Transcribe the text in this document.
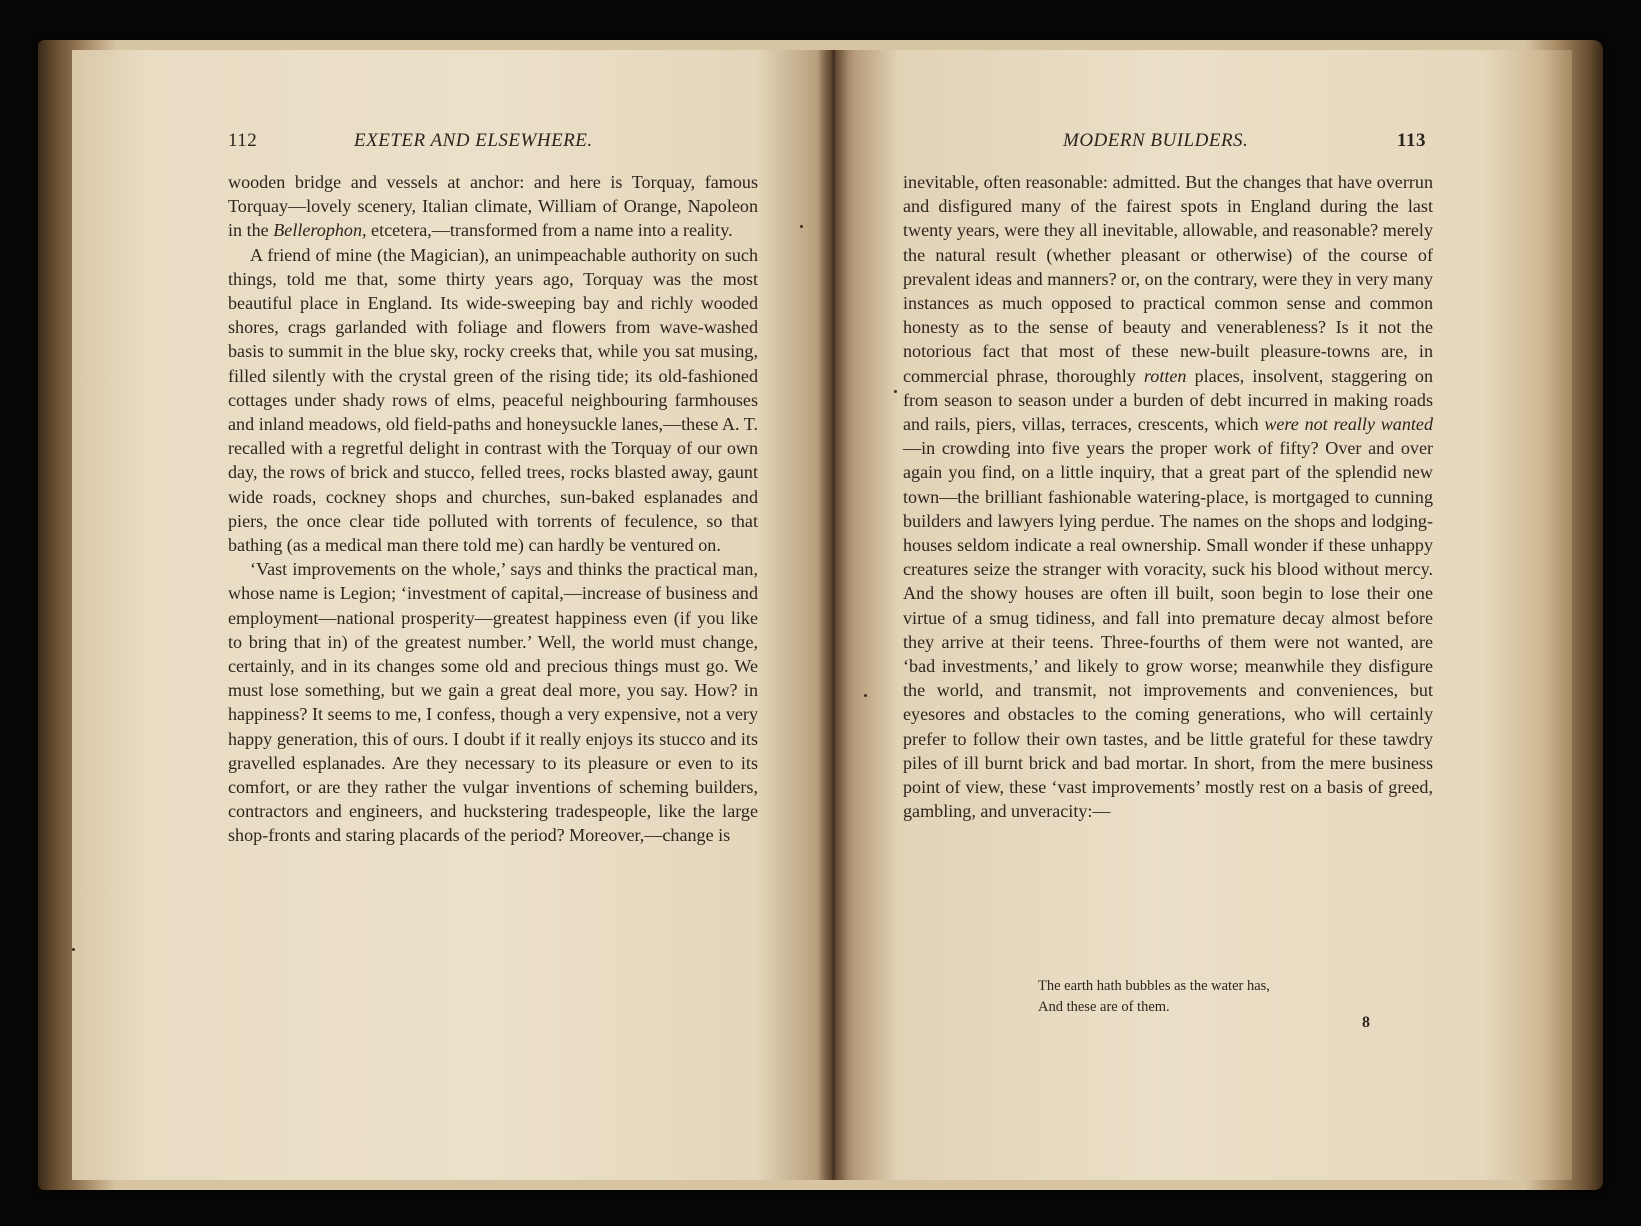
112	EXETER AND ELSEWHERE.

wooden bridge and vessels at anchor: and here is Torquay, famous Torquay—lovely scenery, Italian climate, William of Orange, Napoleon in the Bellerophon, etcetera,—transformed from a name into a reality.

A friend of mine (the Magician), an unimpeachable authority on such things, told me that, some thirty years ago, Torquay was the most beautiful place in England. Its wide-sweeping bay and richly wooded shores, crags garlanded with foliage and flowers from wave-washed basis to summit in the blue sky, rocky creeks that, while you sat musing, filled silently with the crystal green of the rising tide; its old-fashioned cottages under shady rows of elms, peaceful neighbouring farmhouses and inland meadows, old field-paths and honeysuckle lanes,—these A. T. recalled with a regretful delight in contrast with the Torquay of our own day, the rows of brick and stucco, felled trees, rocks blasted away, gaunt wide roads, cockney shops and churches, sun-baked esplanades and piers, the once clear tide polluted with torrents of feculence, so that bathing (as a medical man there told me) can hardly be ventured on.

‘Vast improvements on the whole,’ says and thinks the practical man, whose name is Legion; ‘investment of capital,—increase of business and employment—national prosperity—greatest happiness even (if you like to bring that in) of the greatest number.’ Well, the world must change, certainly, and in its changes some old and precious things must go. We must lose something, but we gain a great deal more, you say. How? in happiness? It seems to me, I confess, though a very expensive, not a very happy generation, this of ours. I doubt if it really enjoys its stucco and its gravelled esplanades. Are they necessary to its pleasure or even to its comfort, or are they rather the vulgar inventions of scheming builders, contractors and engineers, and huckstering tradespeople, like the large shop-fronts and staring placards of the period? Moreover,—change is

MODERN BUILDERS.	113

inevitable, often reasonable: admitted. But the changes that have overrun and disfigured many of the fairest spots in England during the last twenty years, were they all inevitable, allowable, and reasonable? merely the natural result (whether pleasant or otherwise) of the course of prevalent ideas and manners? or, on the contrary, were they in very many instances as much opposed to practical common sense and common honesty as to the sense of beauty and venerableness? Is it not the notorious fact that most of these new-built pleasure-towns are, in commercial phrase, thoroughly rotten places, insolvent, staggering on from season to season under a burden of debt incurred in making roads and rails, piers, villas, terraces, crescents, which were not really wanted—in crowding into five years the proper work of fifty? Over and over again you find, on a little inquiry, that a great part of the splendid new town—the brilliant fashionable watering-place, is mortgaged to cunning builders and lawyers lying perdue. The names on the shops and lodging-houses seldom indicate a real ownership. Small wonder if these unhappy creatures seize the stranger with voracity, suck his blood without mercy. And the showy houses are often ill built, soon begin to lose their one virtue of a smug tidiness, and fall into premature decay almost before they arrive at their teens. Three-fourths of them were not wanted, are ‘bad investments,’ and likely to grow worse; meanwhile they disfigure the world, and transmit, not improvements and conveniences, but eyesores and obstacles to the coming generations, who will certainly prefer to follow their own tastes, and be little grateful for these tawdry piles of ill burnt brick and bad mortar. In short, from the mere business point of view, these ‘vast improvements’ mostly rest on a basis of greed, gambling, and unveracity:—

The earth hath bubbles as the water has,
And these are of them.
8
